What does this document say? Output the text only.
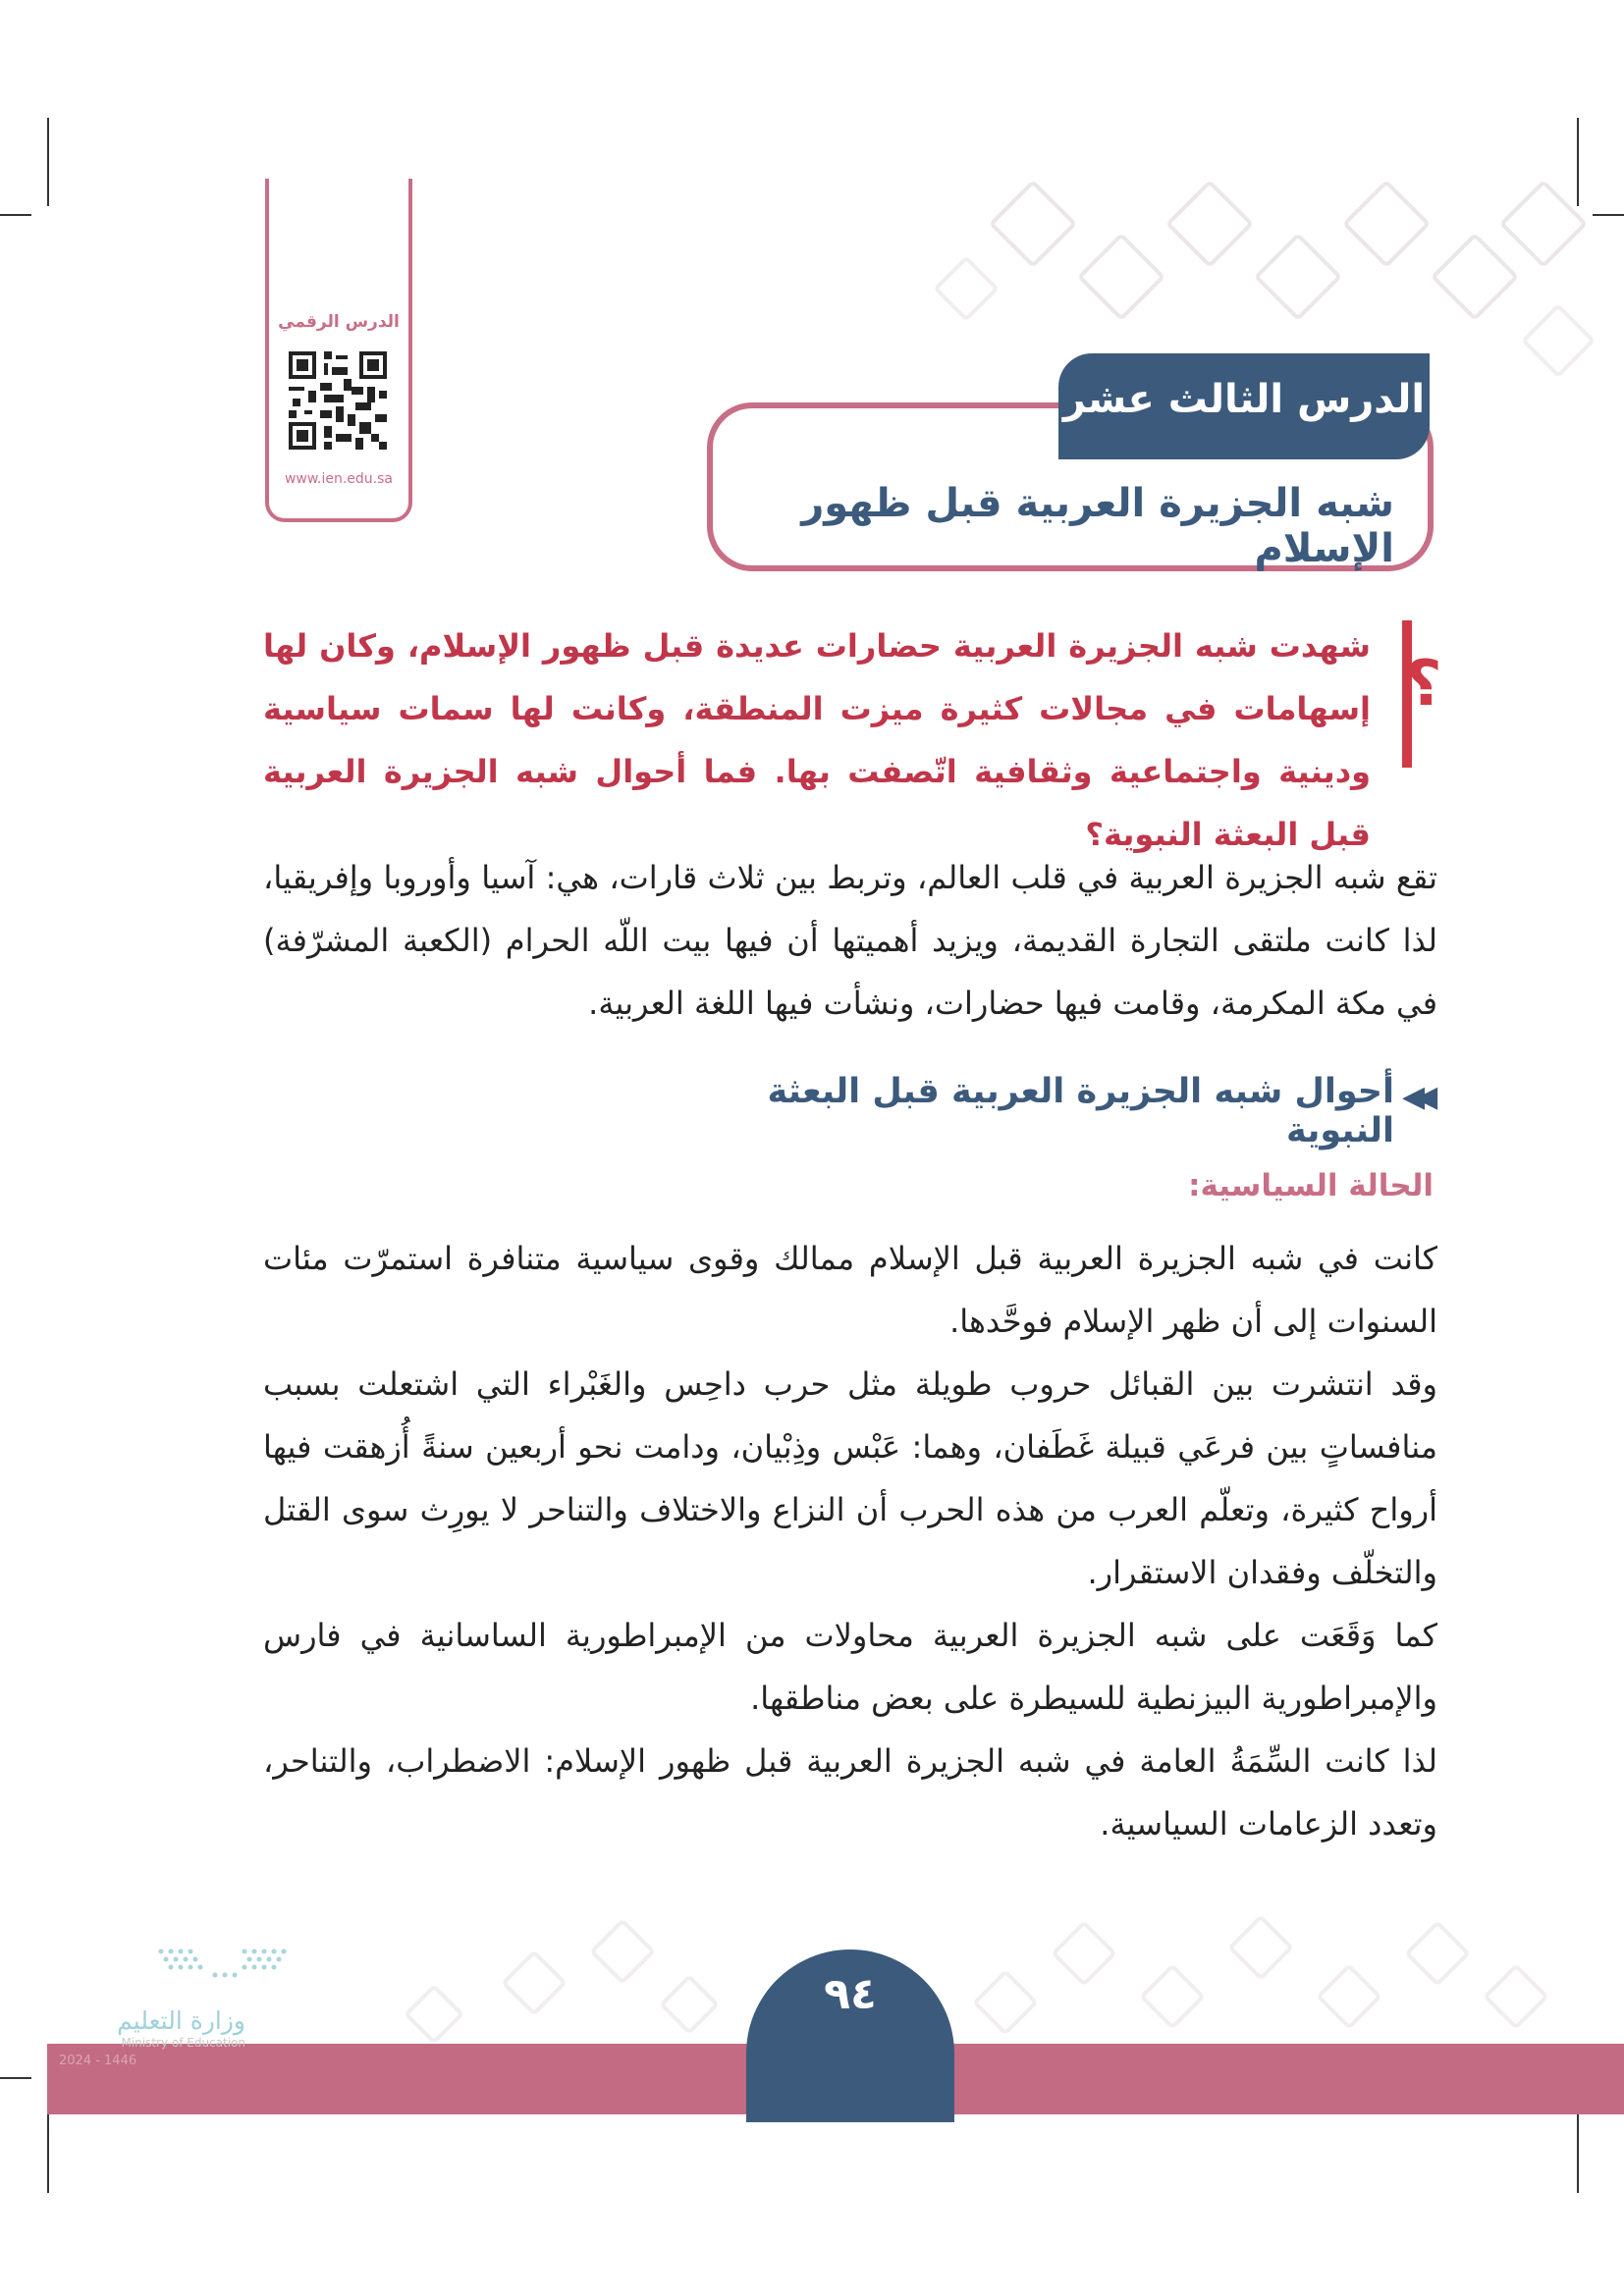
الدرس الرقمي
www.ien.edu.sa
الدرس الثالث عشر
شبه الجزيرة العربية قبل ظهور الإسلام
؟
شهدت شبه الجزيرة العربية حضارات عديدة قبل ظهور الإسلام، وكان لها إسهامات في مجالات كثيرة ميزت المنطقة، وكانت لها سمات سياسية ودينية واجتماعية وثقافية اتّصفت بها. فما أحوال شبه الجزيرة العربية قبل البعثة النبوية؟
تقع شبه الجزيرة العربية في قلب العالم، وتربط بين ثلاث قارات، هي: آسيا وأوروبا وإفريقيا، لذا كانت ملتقى التجارة القديمة، ويزيد أهميتها أن فيها بيت اللّه الحرام (الكعبة المشرّفة) في مكة المكرمة، وقامت فيها حضارات، ونشأت فيها اللغة العربية.
◀◀
أحوال شبه الجزيرة العربية قبل البعثة النبوية
الحالة السياسية:

كانت في شبه الجزيرة العربية قبل الإسلام ممالك وقوى سياسية متنافرة استمرّت مئات السنوات إلى أن ظهر الإسلام فوحَّدها.

وقد انتشرت بين القبائل حروب طويلة مثل حرب داحِس والغَبْراء التي اشتعلت بسبب منافساتٍ بين فرعَي قبيلة غَطَفان، وهما: عَبْس وذِبْيان، ودامت نحو أربعين سنةً أُزهقت فيها أرواح كثيرة، وتعلّم العرب من هذه الحرب أن النزاع والاختلاف والتناحر لا يورِث سوى القتل والتخلّف وفقدان الاستقرار.

كما وَقَعَت على شبه الجزيرة العربية محاولات من الإمبراطورية الساسانية في فارس والإمبراطورية البيزنطية للسيطرة على بعض مناطقها.

لذا كانت السِّمَةُ العامة في شبه الجزيرة العربية قبل ظهور الإسلام: الاضطراب، والتناحر، وتعدد الزعامات السياسية.

٩٤
وزارة التعليم
Ministry of Education
2024 - 1446
